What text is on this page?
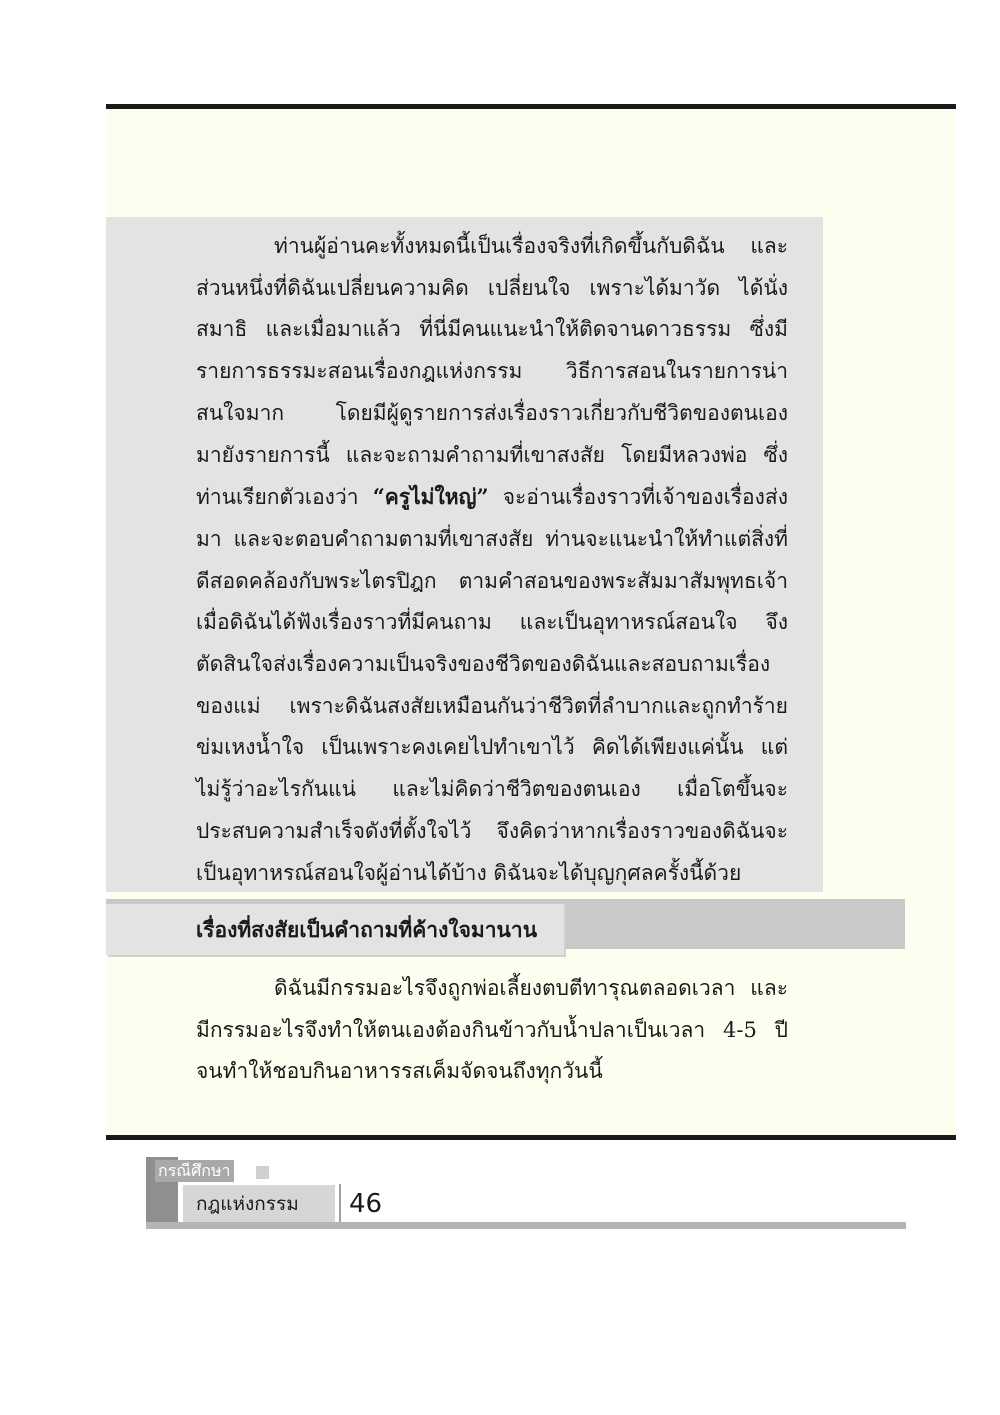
ท่านผู้อ่านคะทั้งหมดนี้เป็นเรื่องจริงที่เกิดขึ้นกับดิฉัน และส่วนหนึ่งที่ดิฉันเปลี่ยนความคิด เปลี่ยนใจ เพราะได้มาวัด ได้นั่งสมาธิ และเมื่อมาแล้ว ที่นี่มีคนแนะนำให้ติดจานดาวธรรม ซึ่งมีรายการธรรมะสอนเรื่องกฎแห่งกรรม วิธีการสอนในรายการน่าสนใจมาก โดยมีผู้ดูรายการส่งเรื่องราวเกี่ยวกับชีวิตของตนเองมายังรายการนี้ และจะถามคำถามที่เขาสงสัย โดยมีหลวงพ่อ ซึ่งท่านเรียกตัวเองว่า “ครูไม่ใหญ่” จะอ่านเรื่องราวที่เจ้าของเรื่องส่งมา และจะตอบคำถามตามที่เขาสงสัย ท่านจะแนะนำให้ทำแต่สิ่งที่ดีสอดคล้องกับพระไตรปิฎก ตามคำสอนของพระสัมมาสัมพุทธเจ้า เมื่อดิฉันได้ฟังเรื่องราวที่มีคนถาม และเป็นอุทาหรณ์สอนใจ จึงตัดสินใจส่งเรื่องความเป็นจริงของชีวิตของดิฉันและสอบถามเรื่องของแม่ เพราะดิฉันสงสัยเหมือนกันว่าชีวิตที่ลำบากและถูกทำร้ายข่มเหงน้ำใจ เป็นเพราะคงเคยไปทำเขาไว้ คิดได้เพียงแค่นั้น แต่ไม่รู้ว่าอะไรกันแน่ และไม่คิดว่าชีวิตของตนเอง เมื่อโตขึ้นจะประสบความสำเร็จดังที่ตั้งใจไว้ จึงคิดว่าหากเรื่องราวของดิฉันจะเป็นอุทาหรณ์สอนใจผู้อ่านได้บ้าง ดิฉันจะได้บุญกุศลครั้งนี้ด้วย

เรื่องที่สงสัยเป็นคำถามที่ค้างใจมานาน

ดิฉันมีกรรมอะไรจึงถูกพ่อเลี้ยงตบตีทารุณตลอดเวลา และมีกรรมอะไรจึงทำให้ตนเองต้องกินข้าวกับน้ำปลาเป็นเวลา 4-5 ปี จนทำให้ชอบกินอาหารรสเค็มจัดจนถึงทุกวันนี้

กรณีศึกษา
กฎแห่งกรรม 46
